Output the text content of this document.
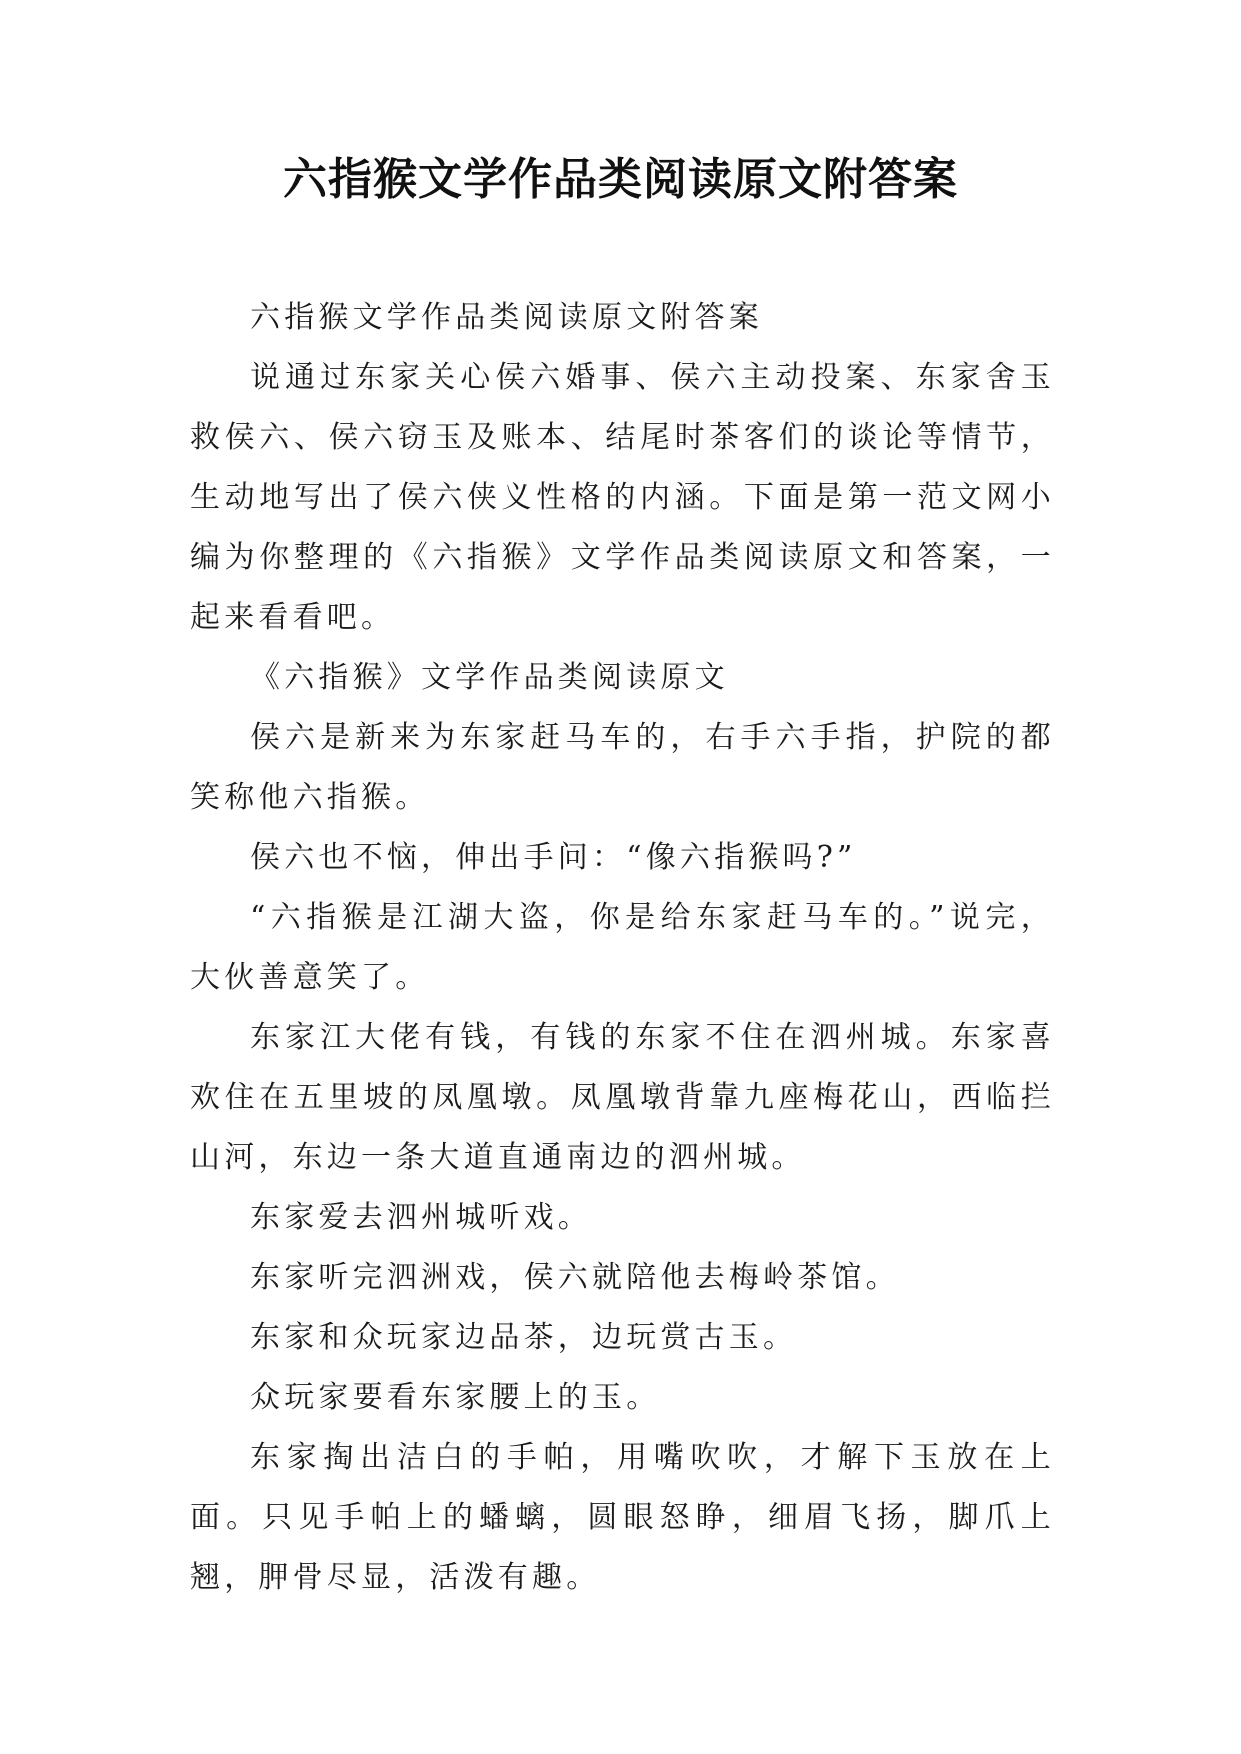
六指猴文学作品类阅读原文附答案

六指猴文学作品类阅读原文附答案

说通过东家关心侯六婚事、侯六主动投案、东家舍玉救侯六、侯六窃玉及账本、结尾时茶客们的谈论等情节，生动地写出了侯六侠义性格的内涵。下面是第一范文网小编为你整理的《六指猴》文学作品类阅读原文和答案，一起来看看吧。

《六指猴》文学作品类阅读原文

侯六是新来为东家赶马车的，右手六手指，护院的都笑称他六指猴。

侯六也不恼，伸出手问：“像六指猴吗?”

“六指猴是江湖大盗，你是给东家赶马车的。”说完，大伙善意笑了。

东家江大佬有钱，有钱的东家不住在泗州城。东家喜欢住在五里坡的凤凰墩。凤凰墩背靠九座梅花山，西临拦山河，东边一条大道直通南边的泗州城。

东家爱去泗州城听戏。

东家听完泗洲戏，侯六就陪他去梅岭茶馆。

东家和众玩家边品茶，边玩赏古玉。

众玩家要看东家腰上的玉。

东家掏出洁白的手帕，用嘴吹吹，才解下玉放在上面。只见手帕上的蟠螭，圆眼怒睁，细眉飞扬，脚爪上翘，胛骨尽显，活泼有趣。
